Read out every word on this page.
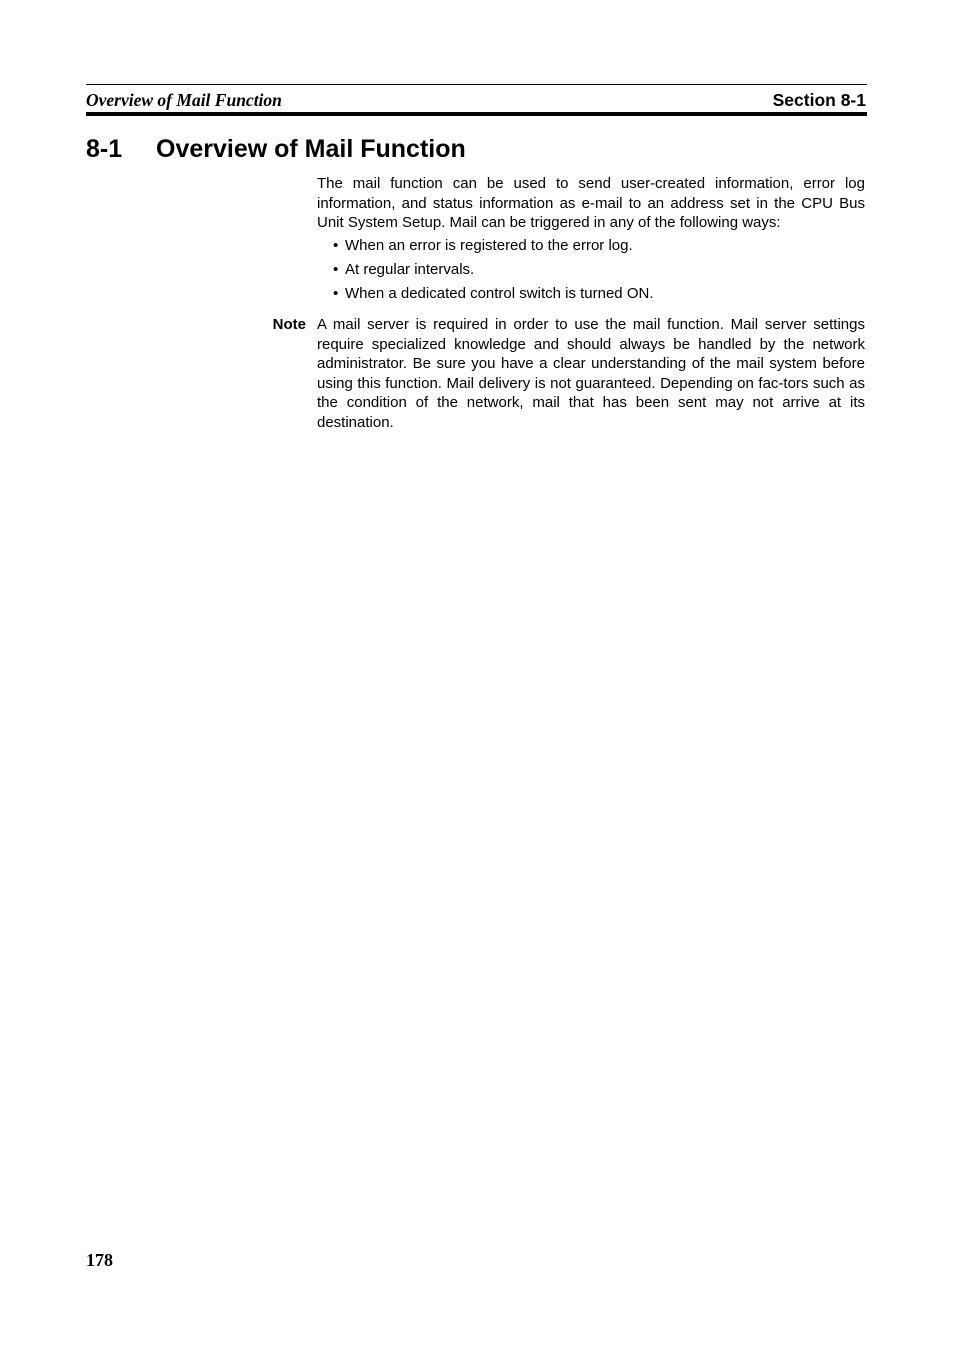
Overview of Mail Function	Section 8-1
8-1 Overview of Mail Function

The mail function can be used to send user-created information, error log information, and status information as e-mail to an address set in the CPU Bus Unit System Setup. Mail can be triggered in any of the following ways:

• When an error is registered to the error log.
• At regular intervals.
• When a dedicated control switch is turned ON.
Note A mail server is required in order to use the mail function. Mail server settings require specialized knowledge and should always be handled by the network administrator. Be sure you have a clear understanding of the mail system before using this function. Mail delivery is not guaranteed. Depending on fac-tors such as the condition of the network, mail that has been sent may not arrive at its destination.

178
